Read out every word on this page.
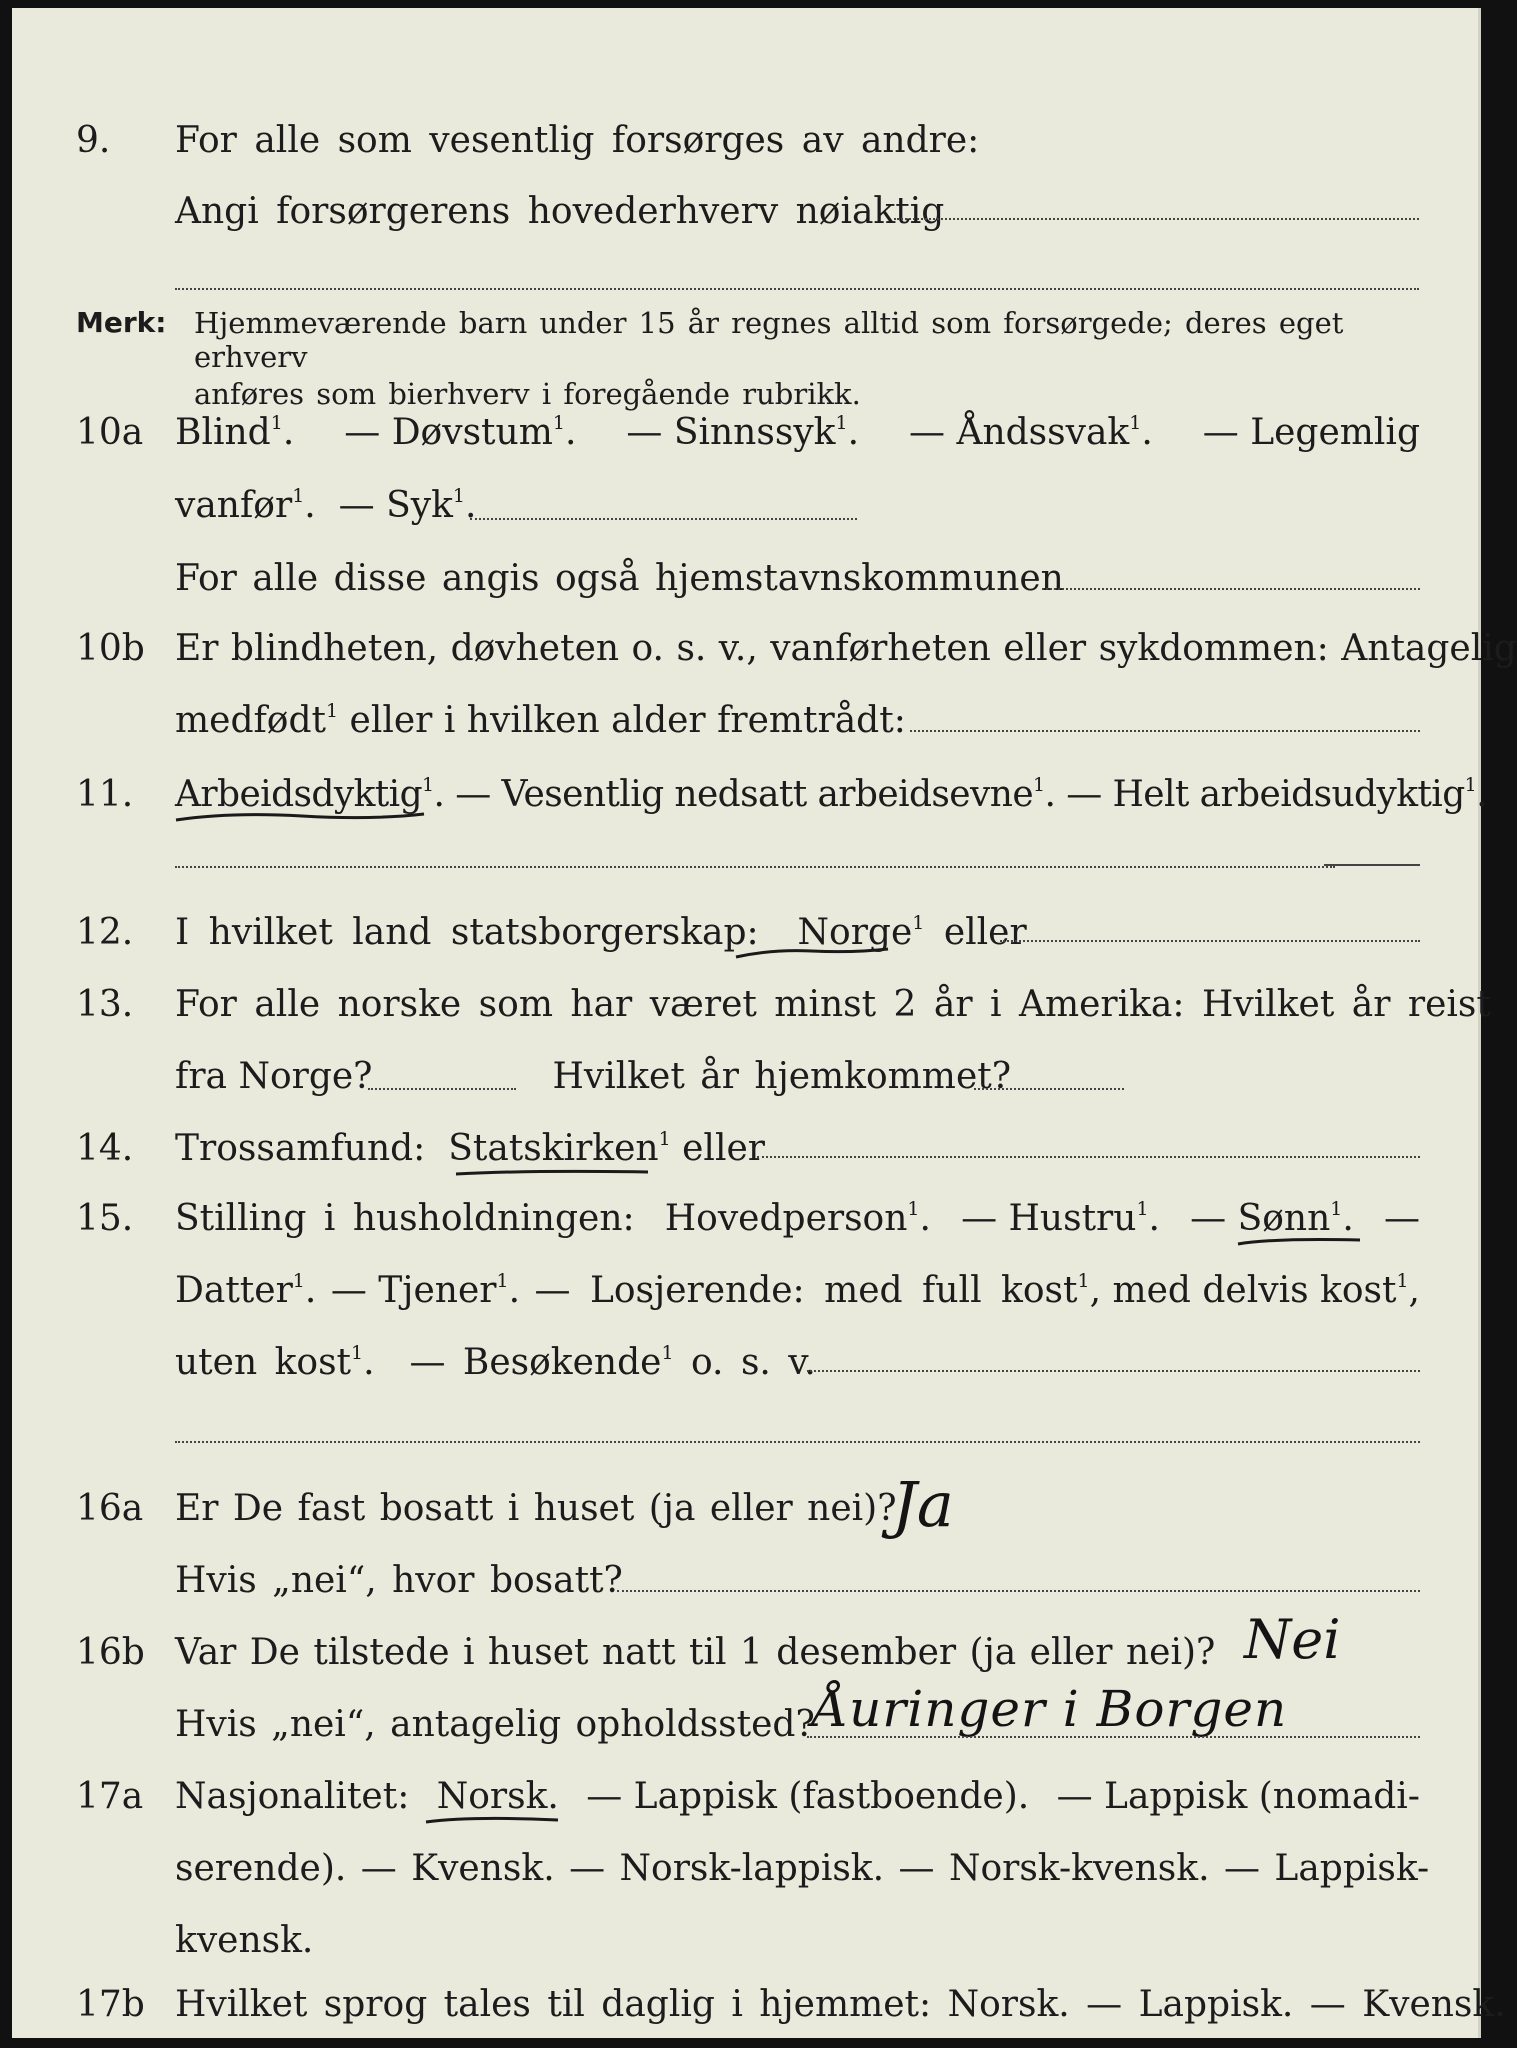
9. For alle som vesentlig forsørges av andre:
Angi forsørgerens hovederhverv nøiaktig
Merk: Hjemmeværende barn under 15 år regnes alltid som forsørgede; deres eget erhverv
anføres som bierhverv i foregående rubrikk.
10a Blind$^1$. — Døvstum$^1$. — Sinnssyk$^1$. — Åndssvak$^1$. — Legemlig
vanfør$^1$.  — Syk$^1$.
For alle disse angis også hjemstavnskommunen
10b Er blindheten, døvheten o. s. v., vanførheten eller sykdommen: Antagelig
medfødt$^1$ eller i hvilken alder fremtrådt:
11. Arbeidsdyktig$^1$. — Vesentlig nedsatt arbeidsevne$^1$. — Helt arbeidsudyktig$^1$.
12. I hvilket land statsborgerskap: Norge$^1$ eller
13. For alle norske som har været minst 2 år i Amerika: Hvilket år reist
fra Norge?	Hvilket år hjemkommet?
14. Trossamfund: Statskirken$^1$ eller
15. Stilling i husholdningen: Hovedperson$^1$. — Hustru$^1$. — Sønn$^1$. —
Datter$^1$. — Tjener$^1$. — Losjerende: med full kost$^1$, med delvis kost$^1$,
uten kost$^1$.  — Besøkende$^1$ o. s. v.
16a Er De fast bosatt i huset (ja eller nei)?
Ja
Hvis „nei“, hvor bosatt?
16b Var De tilstede i huset natt til 1 desember (ja eller nei)? Nei
Hvis „nei“, antagelig opholdssted?
Åuringer i Borgen
17a Nasjonalitet: Norsk. — Lappisk (fastboende). — Lappisk (nomadi-
serende). — Kvensk. — Norsk-lappisk. — Norsk-kvensk. — Lappisk-
kvensk.
17b Hvilket sprog tales til daglig i hjemmet: Norsk. — Lappisk. — Kvensk.
